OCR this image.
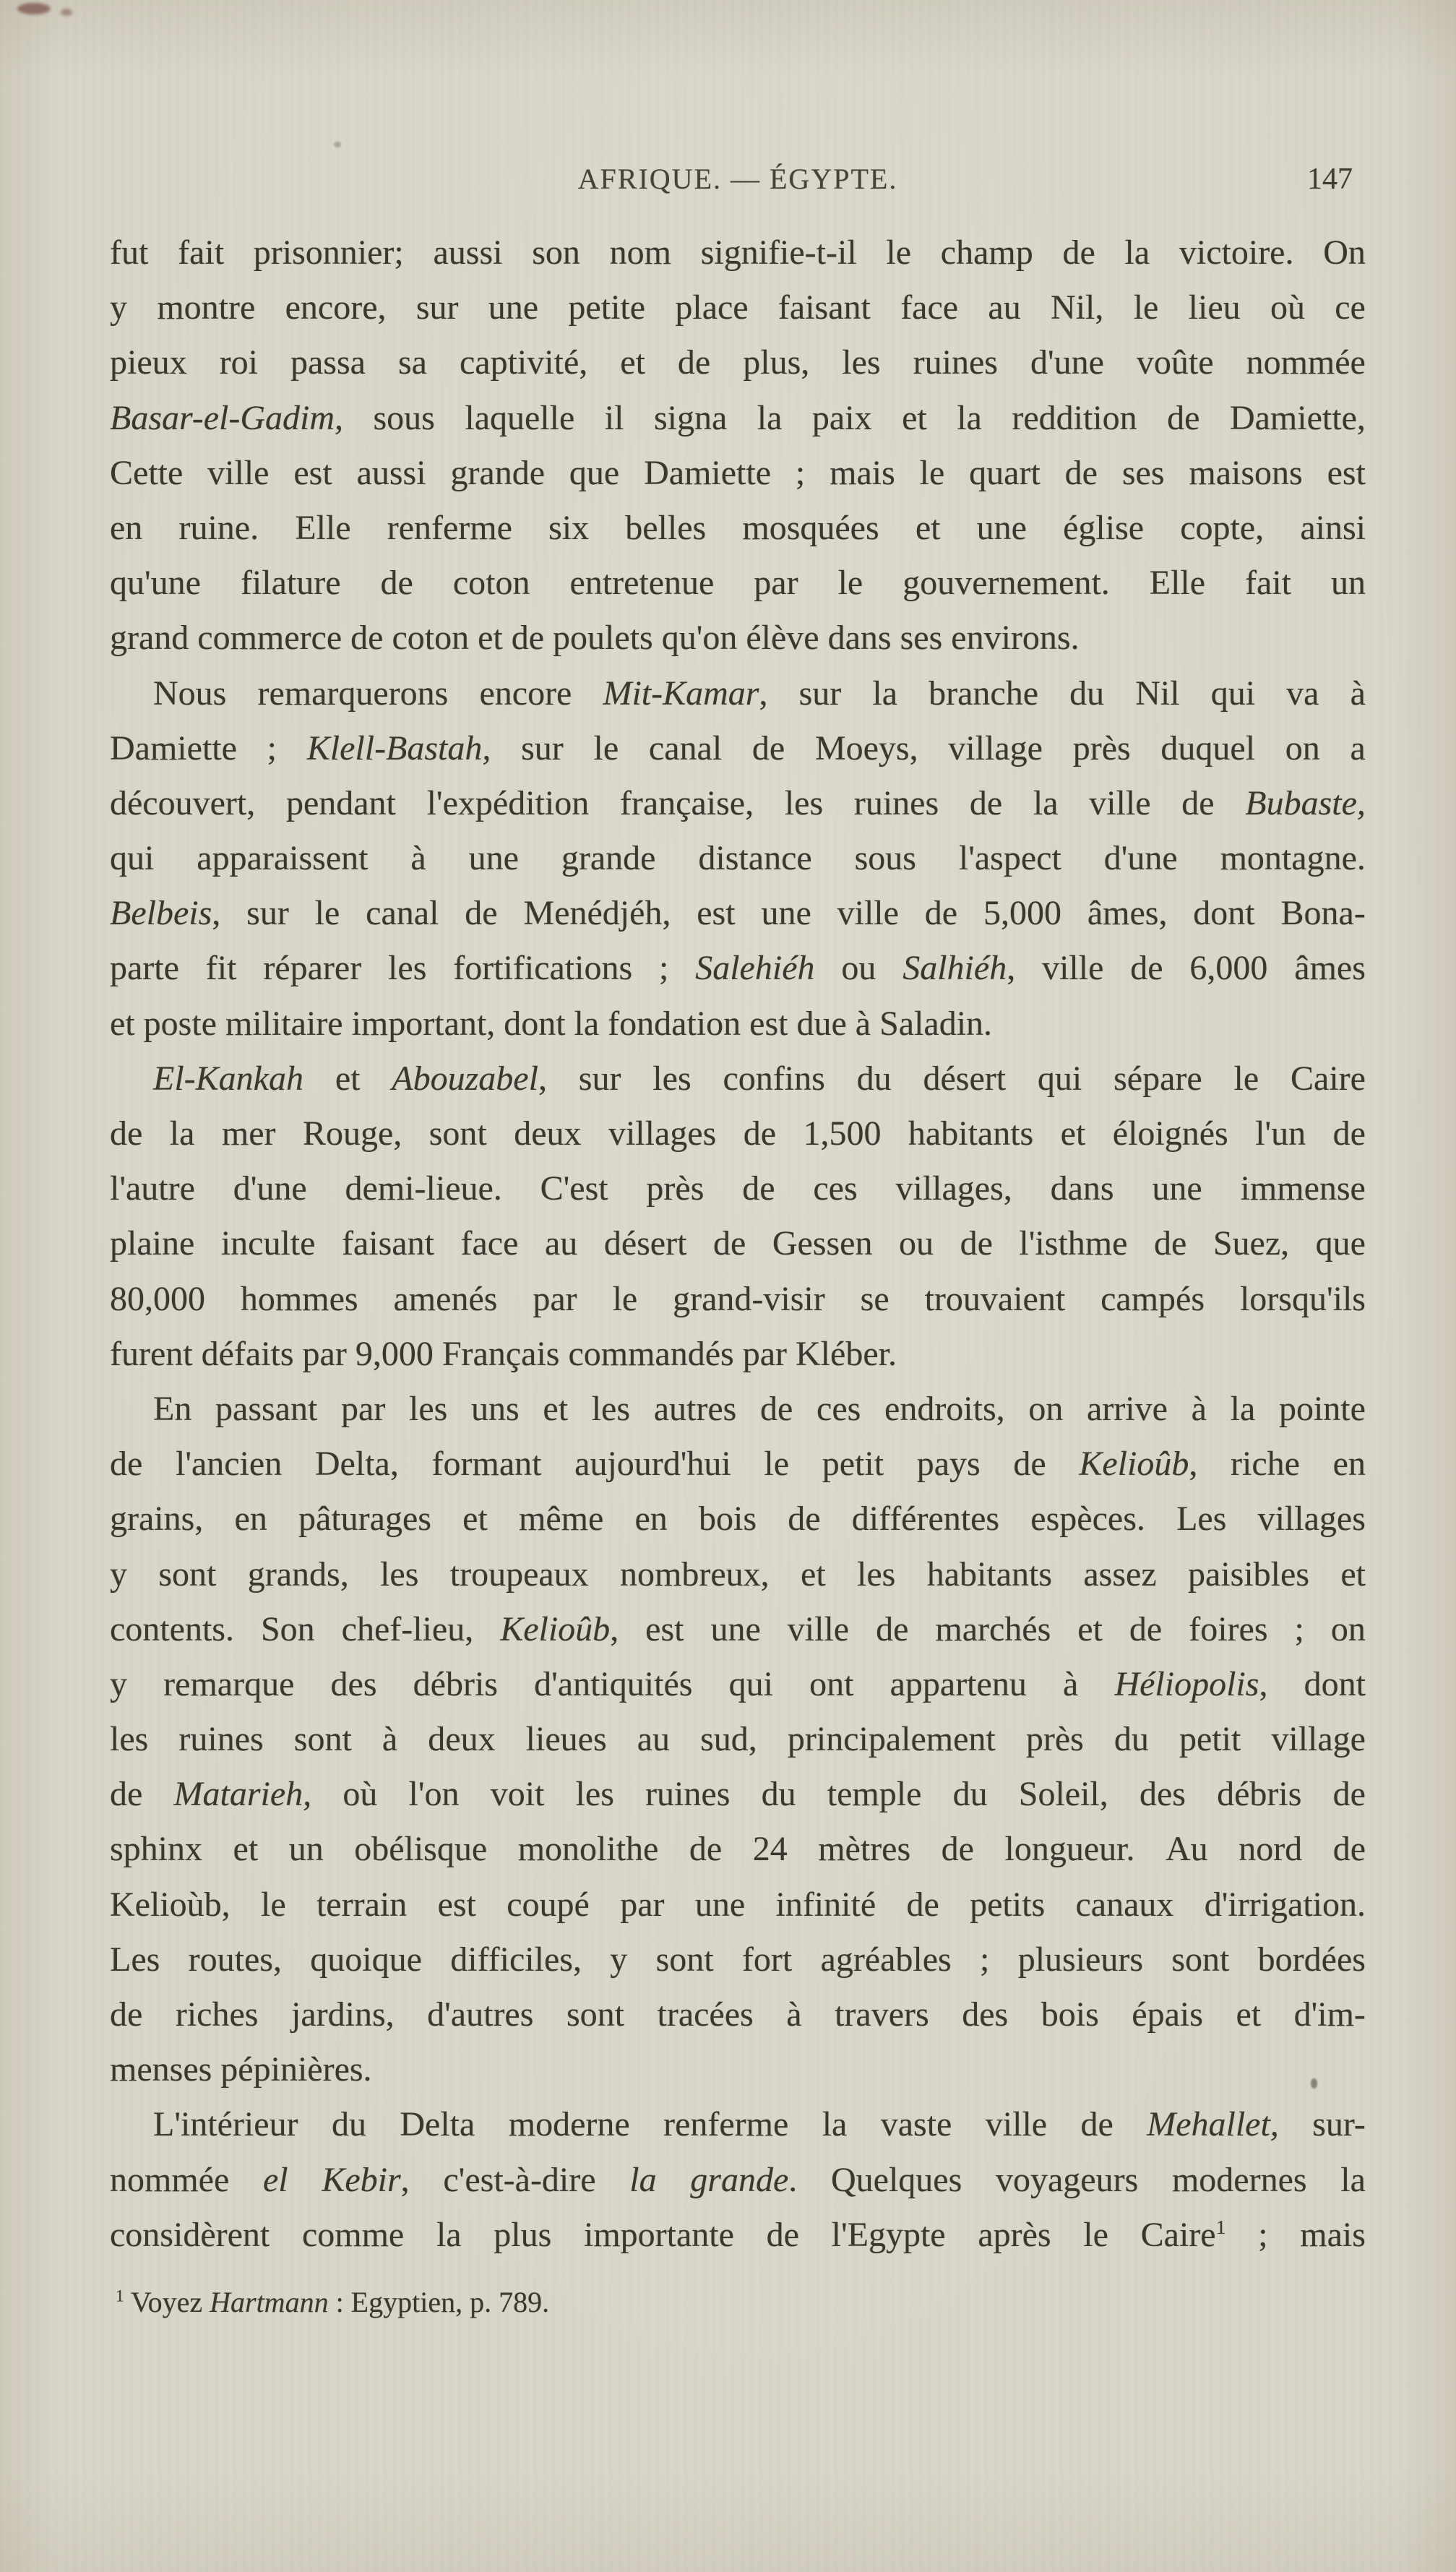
AFRIQUE. — ÉGYPTE.	147
fut fait prisonnier; aussi son nom signifie-t-il le champ de la victoire. On
y montre encore, sur une petite place faisant face au Nil, le lieu où ce
pieux roi passa sa captivité, et de plus, les ruines d'une voûte nommée
Basar-el-Gadim, sous laquelle il signa la paix et la reddition de Damiette,
Cette ville est aussi grande que Damiette ; mais le quart de ses maisons est
en ruine. Elle renferme six belles mosquées et une église copte, ainsi
qu'une filature de coton entretenue par le gouvernement. Elle fait un
grand commerce de coton et de poulets qu'on élève dans ses environs.
Nous remarquerons encore Mit-Kamar, sur la branche du Nil qui va à
Damiette ; Klell-Bastah, sur le canal de Moeys, village près duquel on a
découvert, pendant l'expédition française, les ruines de la ville de Bubaste,
qui apparaissent à une grande distance sous l'aspect d'une montagne.
Belbeis, sur le canal de Menédjéh, est une ville de 5,000 âmes, dont Bona-
parte fit réparer les fortifications ; Salehiéh ou Salhiéh, ville de 6,000 âmes
et poste militaire important, dont la fondation est due à Saladin.
El-Kankah et Abouzabel, sur les confins du désert qui sépare le Caire
de la mer Rouge, sont deux villages de 1,500 habitants et éloignés l'un de
l'autre d'une demi-lieue. C'est près de ces villages, dans une immense
plaine inculte faisant face au désert de Gessen ou de l'isthme de Suez, que
80,000 hommes amenés par le grand-visir se trouvaient campés lorsqu'ils
furent défaits par 9,000 Français commandés par Kléber.
En passant par les uns et les autres de ces endroits, on arrive à la pointe
de l'ancien Delta, formant aujourd'hui le petit pays de Kelioûb, riche en
grains, en pâturages et même en bois de différentes espèces. Les villages
y sont grands, les troupeaux nombreux, et les habitants assez paisibles et
contents. Son chef-lieu, Kelioûb, est une ville de marchés et de foires ; on
y remarque des débris d'antiquités qui ont appartenu à Héliopolis, dont
les ruines sont à deux lieues au sud, principalement près du petit village
de Matarieh, où l'on voit les ruines du temple du Soleil, des débris de
sphinx et un obélisque monolithe de 24 mètres de longueur. Au nord de
Kelioùb, le terrain est coupé par une infinité de petits canaux d'irrigation.
Les routes, quoique difficiles, y sont fort agréables ; plusieurs sont bordées
de riches jardins, d'autres sont tracées à travers des bois épais et d'im-
menses pépinières.
L'intérieur du Delta moderne renferme la vaste ville de Mehallet, sur-
nommée el Kebir, c'est-à-dire la grande. Quelques voyageurs modernes la
considèrent comme la plus importante de l'Egypte après le Caire$^1$ ; mais
$^1$ Voyez Hartmann : Egyptien, p. 789.
